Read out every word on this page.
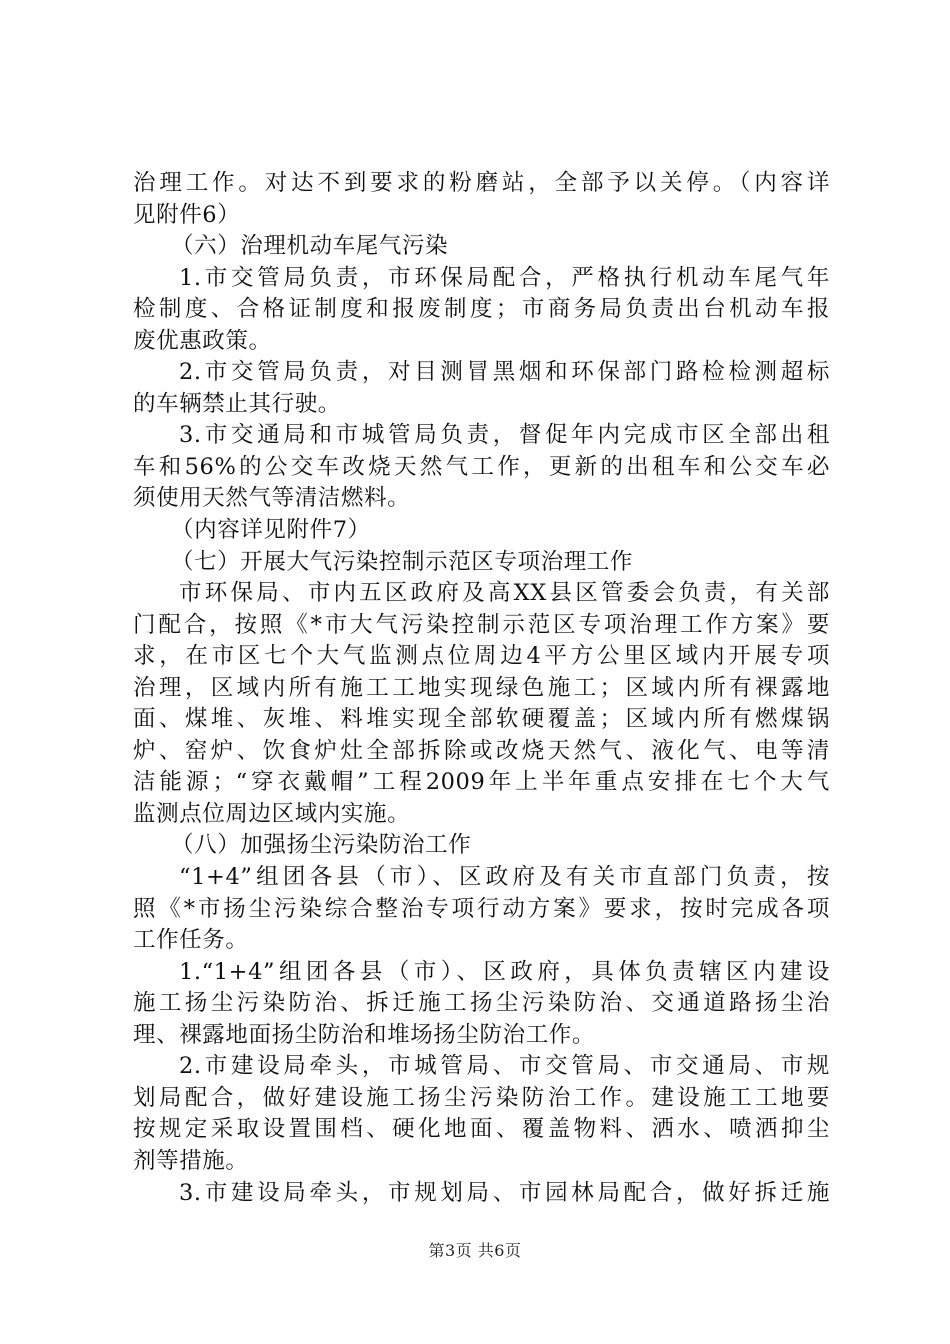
治理工作。对达不到要求的粉磨站，全部予以关停。（内容详
见附件6）
（六）治理机动车尾气污染
1.市交管局负责，市环保局配合，严格执行机动车尾气年
检制度、合格证制度和报废制度；市商务局负责出台机动车报
废优惠政策。
2.市交管局负责，对目测冒黑烟和环保部门路检检测超标
的车辆禁止其行驶。
3.市交通局和市城管局负责，督促年内完成市区全部出租
车和56%的公交车改烧天然气工作，更新的出租车和公交车必
须使用天然气等清洁燃料。
（内容详见附件7）
（七）开展大气污染控制示范区专项治理工作
市环保局、市内五区政府及高XX县区管委会负责，有关部
门配合，按照《*市大气污染控制示范区专项治理工作方案》要
求，在市区七个大气监测点位周边4平方公里区域内开展专项
治理，区域内所有施工工地实现绿色施工；区域内所有裸露地
面、煤堆、灰堆、料堆实现全部软硬覆盖；区域内所有燃煤锅
炉、窑炉、饮食炉灶全部拆除或改烧天然气、液化气、电等清
洁能源；“穿衣戴帽”工程2009年上半年重点安排在七个大气
监测点位周边区域内实施。
（八）加强扬尘污染防治工作
“1+4”组团各县（市）、区政府及有关市直部门负责，按
照《*市扬尘污染综合整治专项行动方案》要求，按时完成各项
工作任务。
1.“1+4”组团各县（市）、区政府，具体负责辖区内建设
施工扬尘污染防治、拆迁施工扬尘污染防治、交通道路扬尘治
理、裸露地面扬尘防治和堆场扬尘防治工作。
2.市建设局牵头，市城管局、市交管局、市交通局、市规
划局配合，做好建设施工扬尘污染防治工作。建设施工工地要
按规定采取设置围档、硬化地面、覆盖物料、洒水、喷洒抑尘
剂等措施。
3.市建设局牵头，市规划局、市园林局配合，做好拆迁施
第3页 共6页
